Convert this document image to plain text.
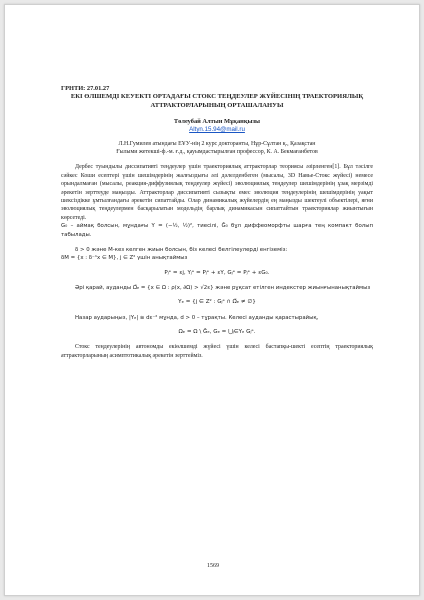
ГРНТИ: 27.01.27
ЕКІ ӨЛШЕМДІ КЕУЕКТІ ОРТАДАҒЫ СТОКС ТЕҢДЕУЛЕР ЖҮЙЕСІНІҢ ТРАЕКТОРИЯЛЫҚ АТТРАКТОРЛАРЫНЫҢ ОРТАШАЛАНУЫ
Төлеубай Алтын Мұқанқызы
Altyn.15.94@mail.ru
Л.Н.Гумилев атындағы ЕҰУ-нің 2 курс докторанты, Нұр-Сұлтан қ., Қазақстан
Ғылыми жетекші-ф.-м. ғ.д., қауымдастырылған профессор, К. А. Бекмағанбетов

Дербес туындылы диссипативті теңдеулер үшін траекториялық аттракторлар теориясы әзірленген[1]. Бұл тәсілге сәйкес Коши есептері үшін шешімдерінің жалғыздығы әлі дәлелденбеген (мысалы, 3D Навье-Стокс жүйесі) немесе орындалмаған (мысалы, реакция-диффузиялық теңдеулер жүйесі) эволюциялық теңдеулер шешімдерінің ұзақ мерзімді әрекетін зерттеуде маңызды. Аттракторлар диссипативті сызықты емес эволюция теңдеулерінің шешімдерінің уақыт шексіздікке ұмтылғандағы әрекетін сипаттайды. Олар динамикалық жүйелердің ең маңызды шектеулі объектілері, яғни эволюциялық теңдеулермен басқарылатын модельдің барлық динамикасын сипаттайтын траекториялар жиынтығын көрсетеді.

G₀ – аймақ болсын, мұндағы Y = (−½, ½)², тиесілі, Ḡ₀ бұл диффеоморфты шарға тең компакт болып табылады.

δ > 0 және M-кез келген жиын болсын, біз келесі белгілеулерді енгіземіз:

δM = {x : δ⁻¹x ∈ M}, j ∈ Z² үшін анықтаймыз

Pⱼᵉ = εj, Yⱼᵉ = Pⱼᵉ + εY, Gⱼᵉ = Pⱼᵉ + εG₀.

Әрі қарай, ауданды Ω̃ₑ = {x ∈ Ω : ρ(x, ∂Ω) > √2ε} және рұқсат етілген индекстер жиынғынанықтаймыз

Υₑ = {j ∈ Z² : Gⱼᵉ ∩ Ω̃ₑ ≠ ∅}

Назар аударыңыз, |Υₑ| ≅ dε⁻² мұнда, d > 0 – тұрақты. Келесі ауданды қарастырайық,

Ωₑ = Ω \ Ḡₑ, Gₑ = ⋃ⱼ∈Υₑ Gⱼᵉ.

Стокс теңдеулерінің автономды екіөлшемді жүйесі үшін келесі бастапқы-шекті есептің траекториялық аттракторларының асимптотикалық әрекетін зерттейміз.

1569
